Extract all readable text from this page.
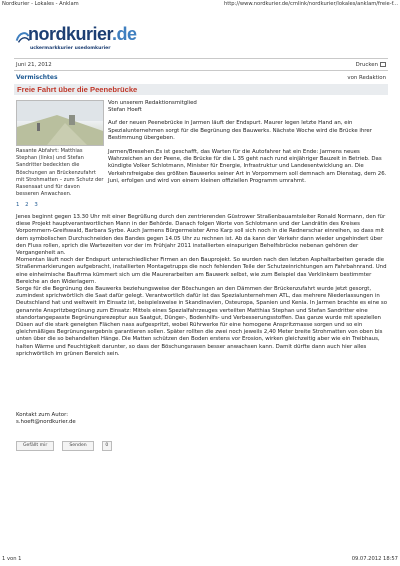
Nordkurier - Lokales - Anklam	http://www.nordkurier.de/cmlink/nordkurier/lokales/anklam/freie-f...
nordkurier.de
uckermarkkurier usedomkurier
Juni 21, 2012	Drucken
Vermischtes	von Redaktion
Freie Fahrt über die Peenebrücke
Rasante Abfahrt: Matthias Stephan (links) und Stefan Sandritter bedeckten die Böschungen an Brückenzufahrt mit Strohmatten – zum Schutz der Rasensaat und für davon besseren Anwachsen.
1 2 3

Von unserem Redaktionsmitglied
Stefan Hoeft

Auf der neuen Peenebrücke in Jarmen läuft der Endspurt. Maurer legen letzte Hand an, ein Spezialunternehmen sorgt für die Begrünung des Bauwerks. Nächste Woche wird die Brücke ihrer Bestimmung übergeben.

Jarmen/Bresehen.Es ist geschafft, das Warten für die Autofahrer hat ein Ende: Jarmens neues Wahrzeichen an der Peene, die Brücke für die L 35 geht nach rund einjähriger Bauzeit in Betrieb. Das kündigte Volker Schlotmann, Minister für Energie, Infrastruktur und Landesentwicklung an. Die Verkehrsfreigabe des größten Bauwerks seiner Art in Vorpommern soll demnach am Dienstag, dem 26. Juni, erfolgen und wird von einem kleinen offiziellen Programm umrahmt.

Jenes beginnt gegen 13.30 Uhr mit einer Begrüßung durch den zentrierenden Güstrower Straßenbauamtsleiter Ronald Normann, den für diese Projekt hauptverantwortlichen Mann in der Behörde. Danach folgen Worte von Schlotmann und der Landrätin des Kreises Vorpommern-Greifswald, Barbara Syrbe. Auch Jarmens Bürgermeister Arno Karp soll sich noch in die Rednerschar einreihen, so dass mit dem symbolischen Durchschneiden des Bandes gegen 14.05 Uhr zu rechnen ist. Ab da kann der Verkehr dann wieder ungehindert über den Fluss rollen, sprich die Wartezeiten vor der im Frühjahr 2011 installierten einspurigen Behelfsbrücke nebenan gehören der Vergangenheit an.

Momentan läuft noch der Endspurt unterschiedlicher Firmen an den Bauprojekt. So wurden nach den letzten Asphaltarbeiten gerade die Straßenmarkierungen aufgebracht, installierten Montagetrupps die noch fehlenden Teile der Schutzeinrichtungen am Fahrbahnrand. Und eine einheimische Baufirma kümmert sich um die Maurerarbeiten am Bauwerk selbst, wie zum Beispiel das Verklinkern bestimmter Bereiche an den Widerlagern.

Sorge für die Begrünung des Bauwerks beziehungsweise der Böschungen an den Dämmen der Brückenzufahrt wurde jetzt gesorgt, zumindest sprichwörtlich die Saat dafür gelegt. Verantwortlich dafür ist das Spezialunternehmen ATL, das mehrere Niederlassungen in Deutschland hat und weltweit im Einsatz ist, beispielsweise in Skandinavien, Osteuropa, Spanien und Kenia. In Jarmen brachte es eine so genannte Anspritzbegrünung zum Einsatz: Mittels eines Spezialfahrzeuges verteilten Matthias Stephan und Stefan Sandritter eine standortangepasste Begrünungsrezeptur aus Saatgut, Dünger-, Bodenhilfs- und Verbesserungsstoffen. Das ganze wurde mit speziellen Düsen auf die stark geneigten Flächen nass aufgespritzt, wobei Rührwerke für eine homogene Anspritzmasse sorgen und so ein gleichmäßiges Begrünungsergebnis garantieren sollen. Später rollten die zwei noch jeweils 2,40 Meter breite Strohmatten von oben bis unten über die so behandelten Hänge. Die Matten schützen den Boden erstens vor Erosion, wirken gleichzeitig aber wie ein Treibhaus, halten Wärme und Feuchtigkeit darunter, so dass der Böschungsrasen besser anwachsen kann. Damit dürfte dann auch hier alles sprichwörtlich im grünen Bereich sein.

Kontakt zum Autor:
s.hoeft@nordkurier.de
Gefällt mir	Senden	0
1 von 1	09.07.2012 18:57
